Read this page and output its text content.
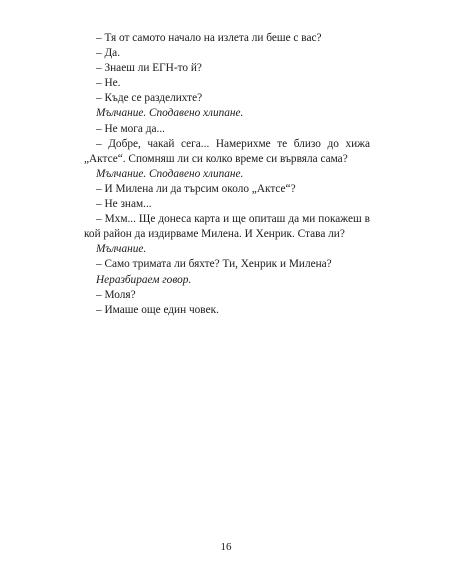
– Тя от самото начало на излета ли беше с вас?

– Да.

– Знаеш ли ЕГН-то й?

– Не.

– Къде се разделихте?

Мълчание. Сподавено хлипане.

– Не мога да...

– Добре, чакай сега... Намерихме те близо до хижа „Актсе“. Спомняш ли си колко време си вървяла сама?

Мълчание. Сподавено хлипане.

– И Милена ли да търсим около „Актсе“?

– Не знам...

– Мхм... Ще донеса карта и ще опиташ да ми покажеш в кой район да издирваме Милена. И Хенрик. Става ли?

Мълчание.

– Само тримата ли бяхте? Ти, Хенрик и Милена?

Неразбираем говор.

– Моля?

– Имаше още един човек.

16
